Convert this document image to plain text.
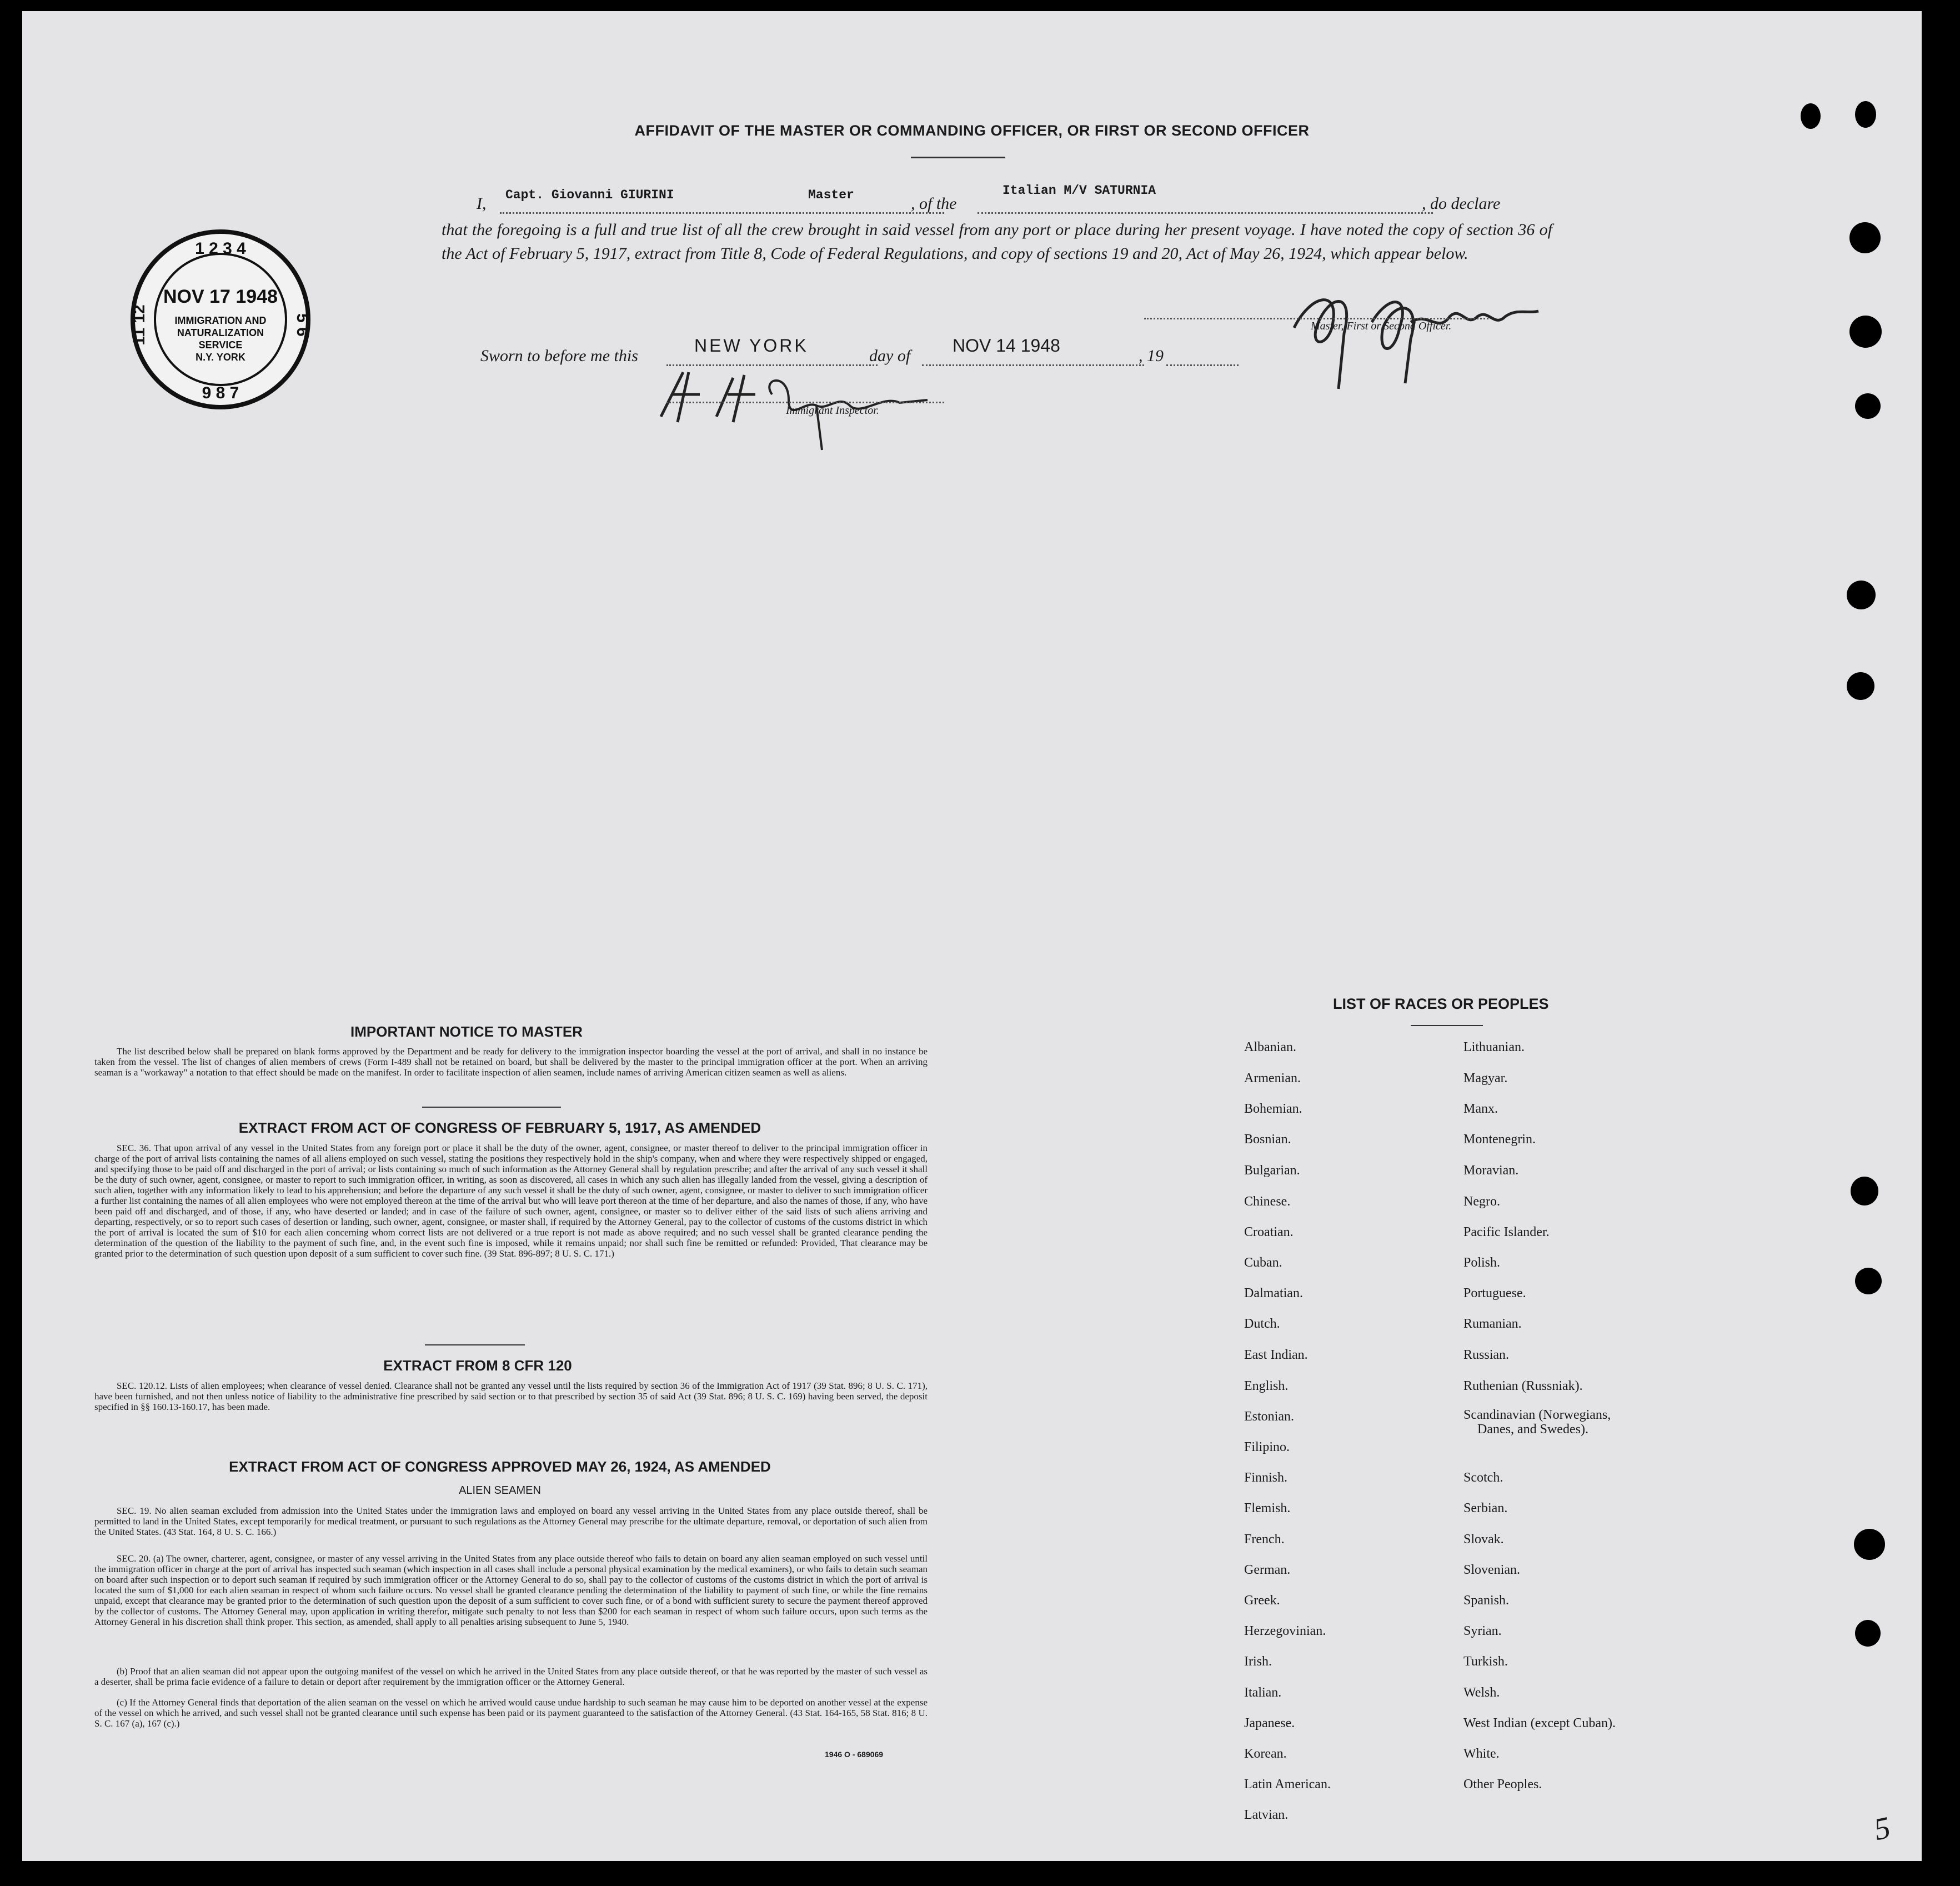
AFFIDAVIT OF THE MASTER OR COMMANDING OFFICER, OR FIRST OR SECOND OFFICER
I, Capt. Giovanni GIURINI	Master	, of the
Italian M/V SATURNIA
, do declare

that the foregoing is a full and true list of all the crew brought in said vessel from any port or place during her present voyage. I have noted the copy of section 36 of the Act of February 5, 1917, extract from Title 8, Code of Federal Regulations, and copy of sections 19 and 20, Act of May 26, 1924, which appear below.

1 2 3 4
9 8 7
5 6
11 12
NOV 17 1948
IMMIGRATION AND
NATURALIZATION
SERVICE
N.Y. YORK
Master, First or Second Officer.
Sworn to before me this
NEW YORK
day of
NOV 14 1948
, 19
Immigrant Inspector.
IMPORTANT NOTICE TO MASTER

The list described below shall be prepared on blank forms approved by the Department and be ready for delivery to the immigration inspector boarding the vessel at the port of arrival, and shall in no instance be taken from the vessel. The list of changes of alien members of crews (Form I-489 shall not be retained on board, but shall be delivered by the master to the principal immigration officer at the port. When an arriving seaman is a "workaway" a notation to that effect should be made on the manifest. In order to facilitate inspection of alien seamen, include names of arriving American citizen seamen as well as aliens.

EXTRACT FROM ACT OF CONGRESS OF FEBRUARY 5, 1917, AS AMENDED

SEC. 36. That upon arrival of any vessel in the United States from any foreign port or place it shall be the duty of the owner, agent, consignee, or master thereof to deliver to the principal immigration officer in charge of the port of arrival lists containing the names of all aliens employed on such vessel, stating the positions they respectively hold in the ship's company, when and where they were respectively shipped or engaged, and specifying those to be paid off and discharged in the port of arrival; or lists containing so much of such information as the Attorney General shall by regulation prescribe; and after the arrival of any such vessel it shall be the duty of such owner, agent, consignee, or master to report to such immigration officer, in writing, as soon as discovered, all cases in which any such alien has illegally landed from the vessel, giving a description of such alien, together with any information likely to lead to his apprehension; and before the departure of any such vessel it shall be the duty of such owner, agent, consignee, or master to deliver to such immigration officer a further list containing the names of all alien employees who were not employed thereon at the time of the arrival but who will leave port thereon at the time of her departure, and also the names of those, if any, who have been paid off and discharged, and of those, if any, who have deserted or landed; and in case of the failure of such owner, agent, consignee, or master so to deliver either of the said lists of such aliens arriving and departing, respectively, or so to report such cases of desertion or landing, such owner, agent, consignee, or master shall, if required by the Attorney General, pay to the collector of customs of the customs district in which the port of arrival is located the sum of $10 for each alien concerning whom correct lists are not delivered or a true report is not made as above required; and no such vessel shall be granted clearance pending the determination of the question of the liability to the payment of such fine, and, in the event such fine is imposed, while it remains unpaid; nor shall such fine be remitted or refunded: Provided, That clearance may be granted prior to the determination of such question upon deposit of a sum sufficient to cover such fine. (39 Stat. 896-897; 8 U. S. C. 171.)

EXTRACT FROM 8 CFR 120

SEC. 120.12. Lists of alien employees; when clearance of vessel denied. Clearance shall not be granted any vessel until the lists required by section 36 of the Immigration Act of 1917 (39 Stat. 896; 8 U. S. C. 171), have been furnished, and not then unless notice of liability to the administrative fine prescribed by said section or to that prescribed by section 35 of said Act (39 Stat. 896; 8 U. S. C. 169) having been served, the deposit specified in §§ 160.13-160.17, has been made.

EXTRACT FROM ACT OF CONGRESS APPROVED MAY 26, 1924, AS AMENDED
ALIEN SEAMEN

SEC. 19. No alien seaman excluded from admission into the United States under the immigration laws and employed on board any vessel arriving in the United States from any place outside thereof, shall be permitted to land in the United States, except temporarily for medical treatment, or pursuant to such regulations as the Attorney General may prescribe for the ultimate departure, removal, or deportation of such alien from the United States. (43 Stat. 164, 8 U. S. C. 166.)

SEC. 20. (a) The owner, charterer, agent, consignee, or master of any vessel arriving in the United States from any place outside thereof who fails to detain on board any alien seaman employed on such vessel until the immigration officer in charge at the port of arrival has inspected such seaman (which inspection in all cases shall include a personal physical examination by the medical examiners), or who fails to detain such seaman on board after such inspection or to deport such seaman if required by such immigration officer or the Attorney General to do so, shall pay to the collector of customs of the customs district in which the port of arrival is located the sum of $1,000 for each alien seaman in respect of whom such failure occurs. No vessel shall be granted clearance pending the determination of the liability to payment of such fine, or while the fine remains unpaid, except that clearance may be granted prior to the determination of such question upon the deposit of a sum sufficient to cover such fine, or of a bond with sufficient surety to secure the payment thereof approved by the collector of customs. The Attorney General may, upon application in writing therefor, mitigate such penalty to not less than $200 for each seaman in respect of whom such failure occurs, upon such terms as the Attorney General in his discretion shall think proper. This section, as amended, shall apply to all penalties arising subsequent to June 5, 1940.

(b) Proof that an alien seaman did not appear upon the outgoing manifest of the vessel on which he arrived in the United States from any place outside thereof, or that he was reported by the master of such vessel as a deserter, shall be prima facie evidence of a failure to detain or deport after requirement by the immigration officer or the Attorney General.

(c) If the Attorney General finds that deportation of the alien seaman on the vessel on which he arrived would cause undue hardship to such seaman he may cause him to be deported on another vessel at the expense of the vessel on which he arrived, and such vessel shall not be granted clearance until such expense has been paid or its payment guaranteed to the satisfaction of the Attorney General. (43 Stat. 164-165, 58 Stat. 816; 8 U. S. C. 167 (a), 167 (c).)

1946 O - 689069
LIST OF RACES OR PEOPLES
Albanian.
Armenian.
Bohemian.
Bosnian.
Bulgarian.
Chinese.
Croatian.
Cuban.
Dalmatian.
Dutch.
East Indian.
English.
Estonian.
Filipino.
Finnish.
Flemish.
French.
German.
Greek.
Herzegovinian.
Irish.
Italian.
Japanese.
Korean.
Latin American.
Latvian.
Lithuanian.
Magyar.
Manx.
Montenegrin.
Moravian.
Negro.
Pacific Islander.
Polish.
Portuguese.
Rumanian.
Russian.
Ruthenian (Russniak).
Scandinavian (Norwegians,
Danes, and Swedes).
Scotch.
Serbian.
Slovak.
Slovenian.
Spanish.
Syrian.
Turkish.
Welsh.
West Indian (except Cuban).
White.
Other Peoples.
5
